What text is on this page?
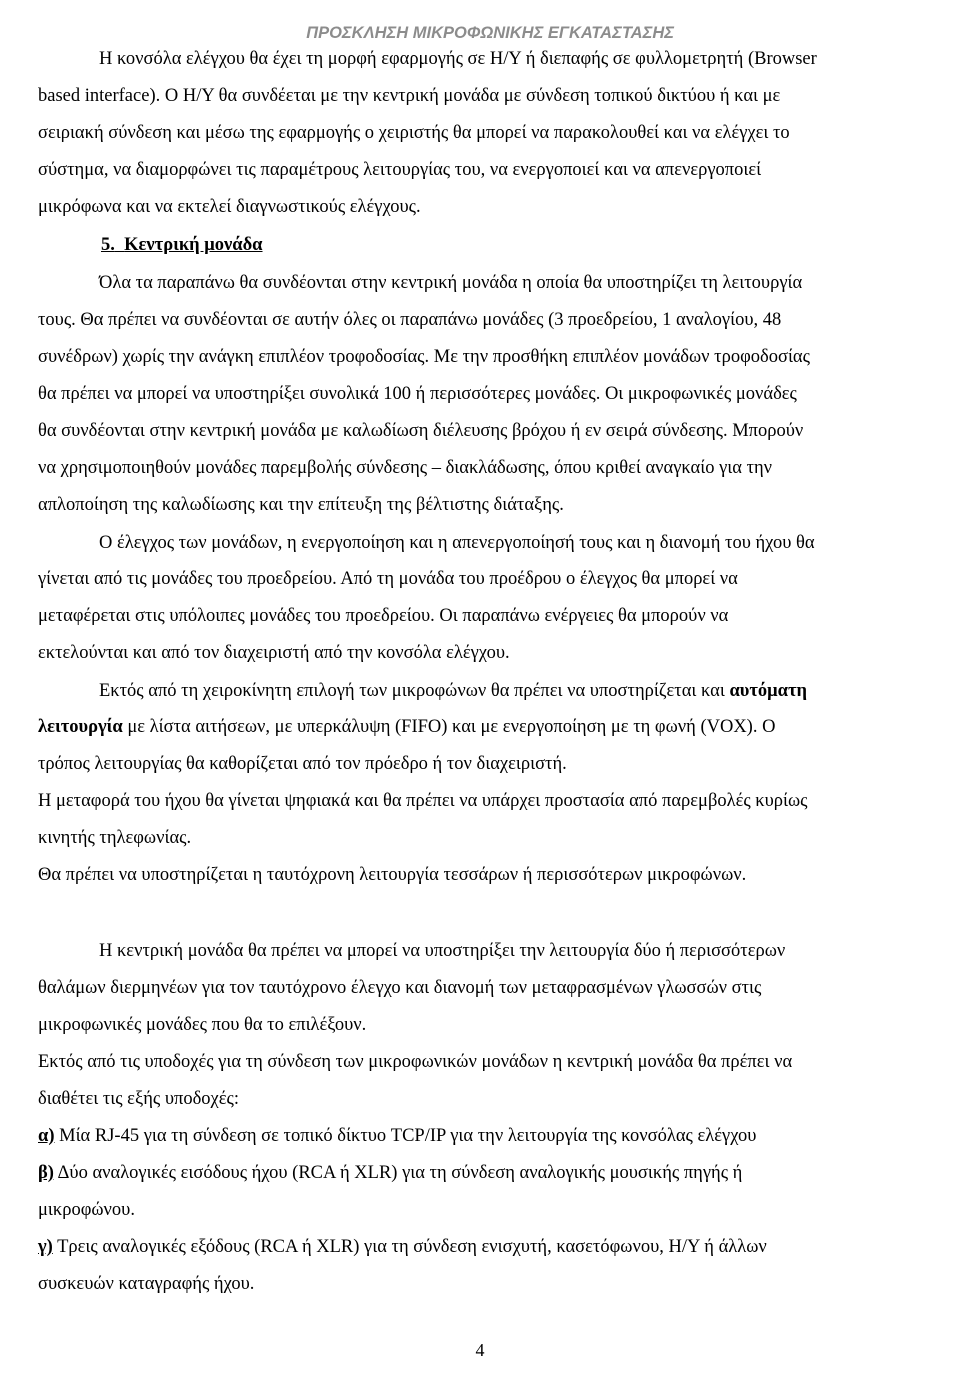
ΠΡΟΣΚΛΗΣΗ ΜΙΚΡΟΦΩΝΙΚΗΣ ΕΓΚΑΤΑΣΤΑΣΗΣ
Η κονσόλα ελέγχου θα έχει τη μορφή εφαρμογής σε Η/Υ ή διεπαφής σε φυλλομετρητή (Browser
based interface). Ο Η/Υ θα συνδέεται με την κεντρική μονάδα με σύνδεση τοπικού δικτύου ή και με
σειριακή σύνδεση και μέσω της εφαρμογής ο χειριστής θα μπορεί να παρακολουθεί και να ελέγχει το
σύστημα, να διαμορφώνει τις παραμέτρους λειτουργίας του, να ενεργοποιεί και να απενεργοποιεί
μικρόφωνα και να εκτελεί διαγνωστικούς ελέγχους.
5. Κεντρική μονάδα
Όλα τα παραπάνω θα συνδέονται στην κεντρική μονάδα η οποία θα υποστηρίζει τη λειτουργία
τους. Θα πρέπει να συνδέονται σε αυτήν όλες οι παραπάνω μονάδες (3 προεδρείου, 1 αναλογίου, 48
συνέδρων) χωρίς την ανάγκη επιπλέον τροφοδοσίας. Με την προσθήκη επιπλέον μονάδων τροφοδοσίας
θα πρέπει να μπορεί να υποστηρίξει συνολικά 100 ή περισσότερες μονάδες. Οι μικροφωνικές μονάδες
θα συνδέονται στην κεντρική μονάδα με καλωδίωση διέλευσης βρόχου ή εν σειρά σύνδεσης. Μπορούν
να χρησιμοποιηθούν μονάδες παρεμβολής σύνδεσης – διακλάδωσης, όπου κριθεί αναγκαίο για την
απλοποίηση της καλωδίωσης και την επίτευξη της βέλτιστης διάταξης.
Ο έλεγχος των μονάδων, η ενεργοποίηση και η απενεργοποίησή τους και η διανομή του ήχου θα
γίνεται από τις μονάδες του προεδρείου. Από τη μονάδα του προέδρου ο έλεγχος θα μπορεί να
μεταφέρεται στις υπόλοιπες μονάδες του προεδρείου. Οι παραπάνω ενέργειες θα μπορούν να
εκτελούνται και από τον διαχειριστή από την κονσόλα ελέγχου.
Εκτός από τη χειροκίνητη επιλογή των μικροφώνων θα πρέπει να υποστηρίζεται και αυτόματη
λειτουργία με λίστα αιτήσεων, με υπερκάλυψη (FIFO) και με ενεργοποίηση με τη φωνή (VOX). Ο
τρόπος λειτουργίας θα καθορίζεται από τον πρόεδρο ή τον διαχειριστή.
Η μεταφορά του ήχου θα γίνεται ψηφιακά και θα πρέπει να υπάρχει προστασία από παρεμβολές κυρίως
κινητής τηλεφωνίας.
Θα πρέπει να υποστηρίζεται η ταυτόχρονη λειτουργία τεσσάρων ή περισσότερων μικροφώνων.
Η κεντρική μονάδα θα πρέπει να μπορεί να υποστηρίξει την λειτουργία δύο ή περισσότερων
θαλάμων διερμηνέων για τον ταυτόχρονο έλεγχο και διανομή των μεταφρασμένων γλωσσών στις
μικροφωνικές μονάδες που θα το επιλέξουν.
Εκτός από τις υποδοχές για τη σύνδεση των μικροφωνικών μονάδων η κεντρική μονάδα θα πρέπει να
διαθέτει τις εξής υποδοχές:
α) Μία RJ-45 για τη σύνδεση σε τοπικό δίκτυο TCP/IP για την λειτουργία της κονσόλας ελέγχου
β) Δύο αναλογικές εισόδους ήχου (RCA ή XLR) για τη σύνδεση αναλογικής μουσικής πηγής ή
μικροφώνου.
γ) Τρεις αναλογικές εξόδους (RCA ή XLR) για τη σύνδεση ενισχυτή, κασετόφωνου, Η/Υ ή άλλων
συσκευών καταγραφής ήχου.
4
